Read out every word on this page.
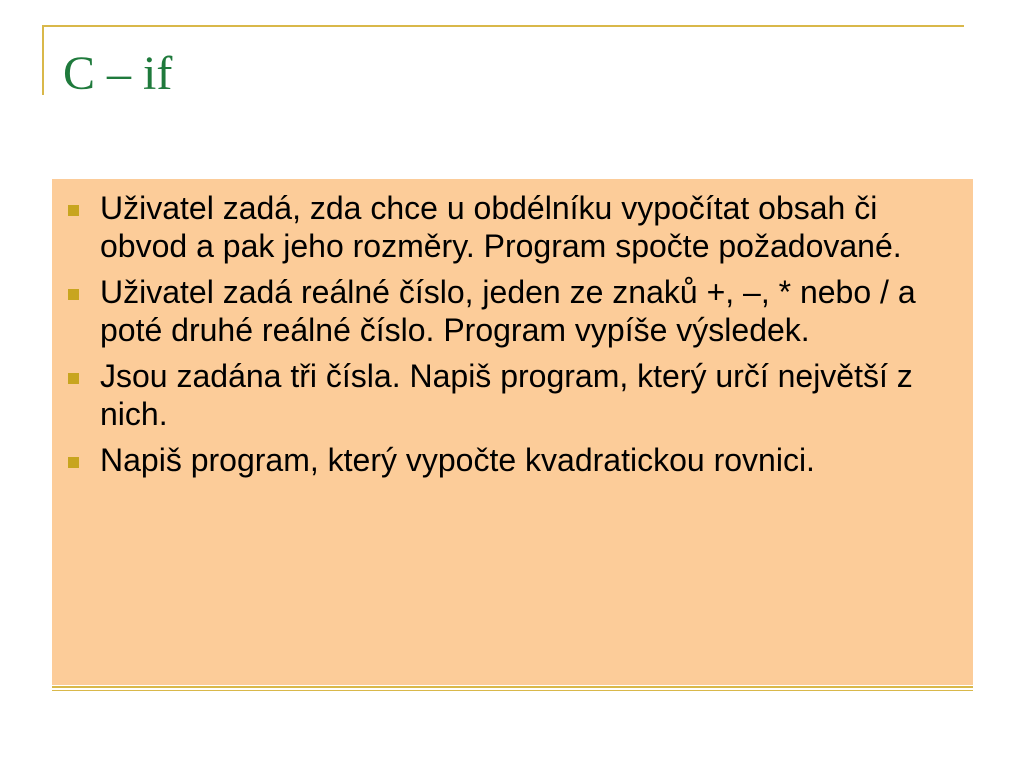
C – if
Uživatel zadá, zda chce u obdélníku vypočítat obsah či obvod a pak jeho rozměry. Program spočte požadované.
Uživatel zadá reálné číslo, jeden ze znaků +, –, * nebo / a poté druhé reálné číslo. Program vypíše výsledek.
Jsou zadána tři čísla. Napiš program, který určí největší z nich.
Napiš program, který vypočte kvadratickou rovnici.
